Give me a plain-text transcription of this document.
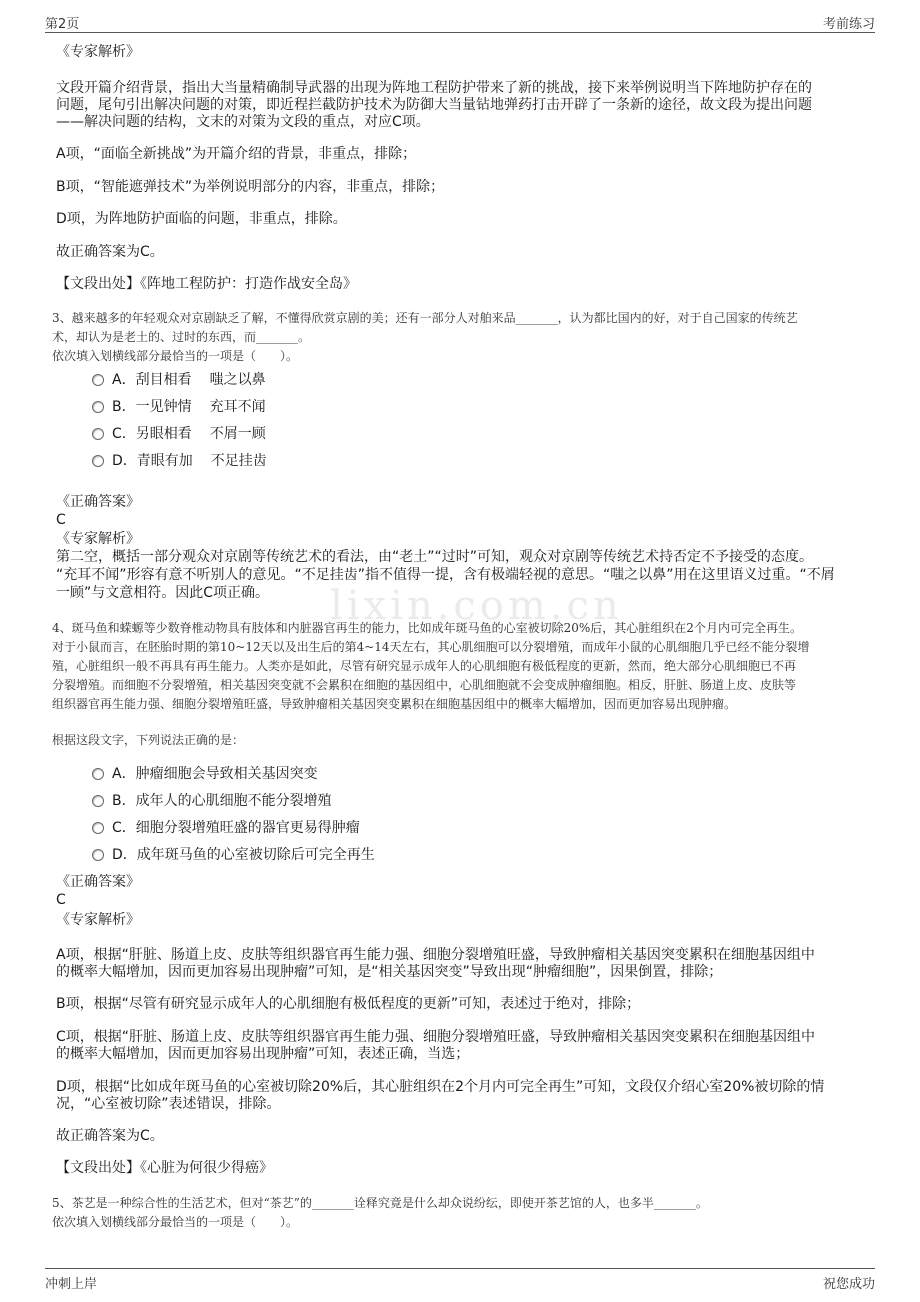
第2页	考前练习
lixin.com.cn

《专家解析》

文段开篇介绍背景，指出大当量精确制导武器的出现为阵地工程防护带来了新的挑战，接下来举例说明当下阵地防护存在的

问题，尾句引出解决问题的对策，即近程拦截防护技术为防御大当量钻地弹药打击开辟了一条新的途径，故文段为提出问题

——解决问题的结构，文末的对策为文段的重点，对应C项。

A项，“面临全新挑战”为开篇介绍的背景，非重点，排除；

B项，“智能遮弹技术”为举例说明部分的内容，非重点，排除；

D项，为阵地防护面临的问题，非重点，排除。

故正确答案为C。

【文段出处】《阵地工程防护：打造作战安全岛》

3、越来越多的年轻观众对京剧缺乏了解，不懂得欣赏京剧的美；还有一部分人对舶来品_______，认为都比国内的好，对于自己国家的传统艺

术，却认为是老土的、过时的东西，而_______。

依次填入划横线部分最恰当的一项是（　　）。

A．刮目相看 嗤之以鼻
B．一见钟情 充耳不闻
C．另眼相看 不屑一顾
D．青眼有加 不足挂齿

《正确答案》

C

《专家解析》

第二空，概括一部分观众对京剧等传统艺术的看法，由“老土”“过时”可知，观众对京剧等传统艺术持否定不予接受的态度。

“充耳不闻”形容有意不听别人的意见。“不足挂齿”指不值得一提，含有极端轻视的意思。“嗤之以鼻”用在这里语义过重。“不屑

一顾”与文意相符。因此C项正确。

4、斑马鱼和蝾螈等少数脊椎动物具有肢体和内脏器官再生的能力，比如成年斑马鱼的心室被切除20%后，其心脏组织在2个月内可完全再生。

对于小鼠而言，在胚胎时期的第10~12天以及出生后的第4~14天左右，其心肌细胞可以分裂增殖，而成年小鼠的心肌细胞几乎已经不能分裂增

殖，心脏组织一般不再具有再生能力。人类亦是如此，尽管有研究显示成年人的心肌细胞有极低程度的更新，然而，绝大部分心肌细胞已不再

分裂增殖。而细胞不分裂增殖，相关基因突变就不会累积在细胞的基因组中，心肌细胞就不会变成肿瘤细胞。相反，肝脏、肠道上皮、皮肤等

组织器官再生能力强、细胞分裂增殖旺盛，导致肿瘤相关基因突变累积在细胞基因组中的概率大幅增加，因而更加容易出现肿瘤。

根据这段文字，下列说法正确的是：

A．肿瘤细胞会导致相关基因突变
B．成年人的心肌细胞不能分裂增殖
C．细胞分裂增殖旺盛的器官更易得肿瘤
D．成年斑马鱼的心室被切除后可完全再生

《正确答案》

C

《专家解析》

A项，根据“肝脏、肠道上皮、皮肤等组织器官再生能力强、细胞分裂增殖旺盛，导致肿瘤相关基因突变累积在细胞基因组中

的概率大幅增加，因而更加容易出现肿瘤”可知，是“相关基因突变”导致出现“肿瘤细胞”，因果倒置，排除；

B项，根据“尽管有研究显示成年人的心肌细胞有极低程度的更新”可知，表述过于绝对，排除；

C项，根据“肝脏、肠道上皮、皮肤等组织器官再生能力强、细胞分裂增殖旺盛，导致肿瘤相关基因突变累积在细胞基因组中

的概率大幅增加，因而更加容易出现肿瘤”可知，表述正确，当选；

D项，根据“比如成年斑马鱼的心室被切除20%后，其心脏组织在2个月内可完全再生”可知，文段仅介绍心室20%被切除的情

况，“心室被切除”表述错误，排除。

故正确答案为C。

【文段出处】《心脏为何很少得癌》

5、茶艺是一种综合性的生活艺术，但对“茶艺”的_______诠释究竟是什么却众说纷纭，即使开茶艺馆的人，也多半_______。

依次填入划横线部分最恰当的一项是（　　）。

冲刺上岸	祝您成功
